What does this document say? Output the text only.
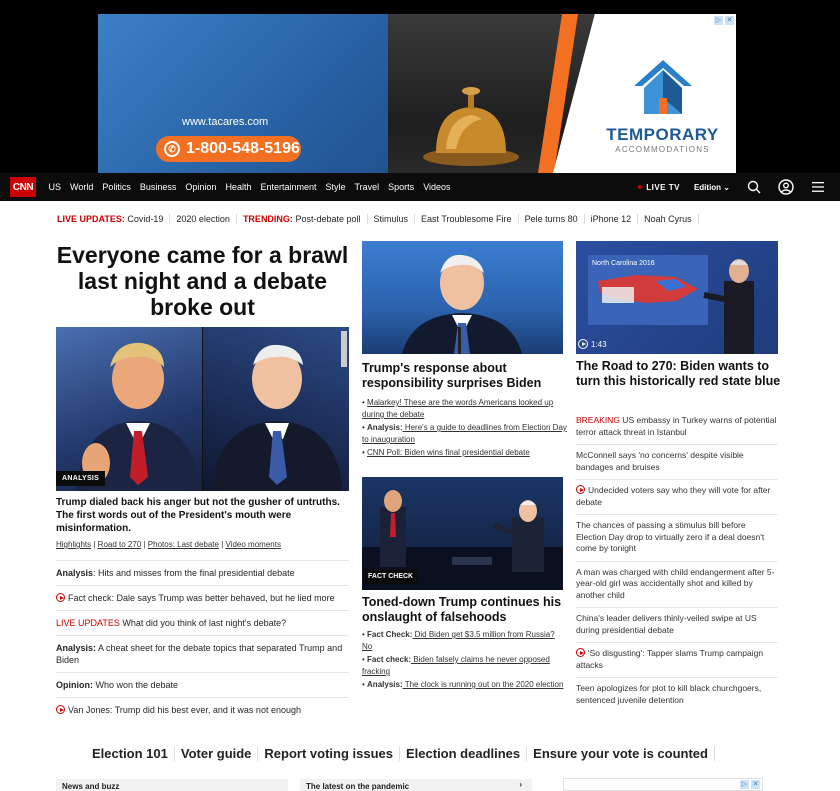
www.tacares.com
✆ 1-800-548-5196
TEMPORARY
ACCOMMODATIONS
▷ ✕
CNN	US	World	Politics	Business	Opinion	Health	Entertainment	Style	Travel	Sports	Videos	LIVE TV Edition ⌄
LIVE UPDATES: Covid-19	2020 election	TRENDING: Post-debate poll	Stimulus	East Troublesome Fire	Pele turns 80	iPhone 12	Noah Cyrus
Everyone came for a brawl last night and a debate broke out
ANALYSIS
Trump dialed back his anger but not the gusher of untruths. The first words out of the President's mouth were misinformation.
Highlights | Road to 270 | Photos: Last debate | Video moments
Analysis: Hits and misses from the final presidential debate
Fact check: Dale says Trump was better behaved, but he lied more
LIVE UPDATES What did you think of last night's debate?
Analysis: A cheat sheet for the debate topics that separated Trump and Biden
Opinion: Who won the debate
Van Jones: Trump did his best ever, and it was not enough
Trump's response about responsibility surprises Biden
• Malarkey! These are the words Americans looked up during the debate
• Analysis: Here's a guide to deadlines from Election Day to inauguration
• CNN Poll: Biden wins final presidential debate
FACT CHECK
Toned-down Trump continues his onslaught of falsehoods
• Fact Check: Did Biden get $3.5 million from Russia? No
• Fact check: Biden falsely claims he never opposed fracking
• Analysis: The clock is running out on the 2020 election
North Carolina 2016
1:43
The Road to 270: Biden wants to turn this historically red state blue
BREAKING US embassy in Turkey warns of potential terror attack threat in Istanbul
McConnell says 'no concerns' despite visible bandages and bruises
Undecided voters say who they will vote for after debate
The chances of passing a stimulus bill before Election Day drop to virtually zero if a deal doesn't come by tonight
A man was charged with child endangerment after 5-year-old girl was accidentally shot and killed by another child
China's leader delivers thinly-veiled swipe at US during presidential debate
'So disgusting': Tapper slams Trump campaign attacks
Teen apologizes for plot to kill black churchgoers, sentenced juvenile detention
Election 101	Voter guide	Report voting issues	Election deadlines	Ensure your vote is counted
News and buzz	The latest on the pandemic	›	▷ ✕
